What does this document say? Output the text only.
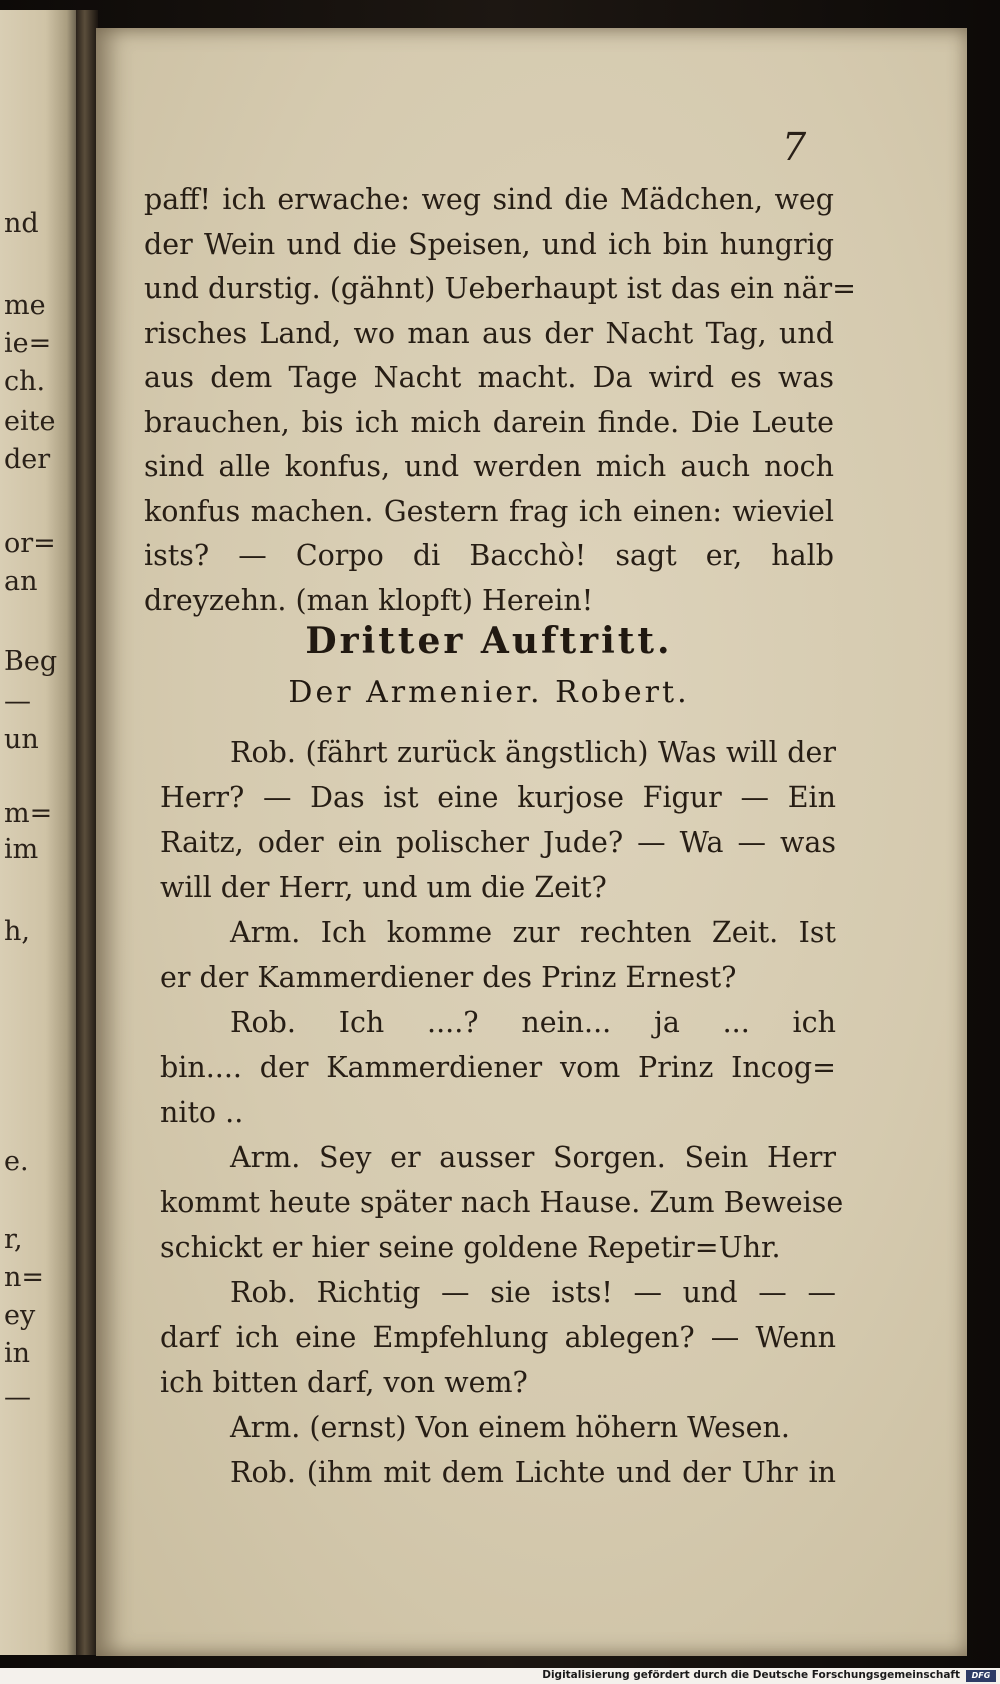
nd
me
ie=
ch.
eite
der
or=
an
Beg
—
un
m=
im
h,
e.
r,
n=
ey
in
—
7
paff! ich erwache: weg sind die Mädchen, weg
der Wein und die Speisen, und ich bin hungrig
und durstig. (gähnt) Ueberhaupt ist das ein när=
risches Land, wo man aus der Nacht Tag, und
aus dem Tage Nacht macht. Da wird es was
brauchen, bis ich mich darein finde. Die Leute
sind alle konfus, und werden mich auch noch
konfus machen. Gestern frag ich einen: wieviel
ists? — Corpo di Bacchò! sagt er, halb
dreyzehn. (man klopft) Herein!
Dritter Auftritt.
Der Armenier. Robert.
Rob. (fährt zurück ängstlich) Was will der
Herr? — Das ist eine kurjose Figur — Ein
Raitz, oder ein polischer Jude? — Wa — was
will der Herr, und um die Zeit?
Arm. Ich komme zur rechten Zeit. Ist
er der Kammerdiener des Prinz Ernest?
Rob. Ich ....? nein... ja ... ich
bin.... der Kammerdiener vom Prinz Incog=
nito ..
Arm. Sey er ausser Sorgen. Sein Herr
kommt heute später nach Hause. Zum Beweise
schickt er hier seine goldene Repetir=Uhr.
Rob. Richtig — sie ists! — und — —
darf ich eine Empfehlung ablegen? — Wenn
ich bitten darf, von wem?
Arm. (ernst) Von einem höhern Wesen.
Rob. (ihm mit dem Lichte und der Uhr in
Digitalisierung gefördert durch die Deutsche Forschungsgemeinschaft	DFG
